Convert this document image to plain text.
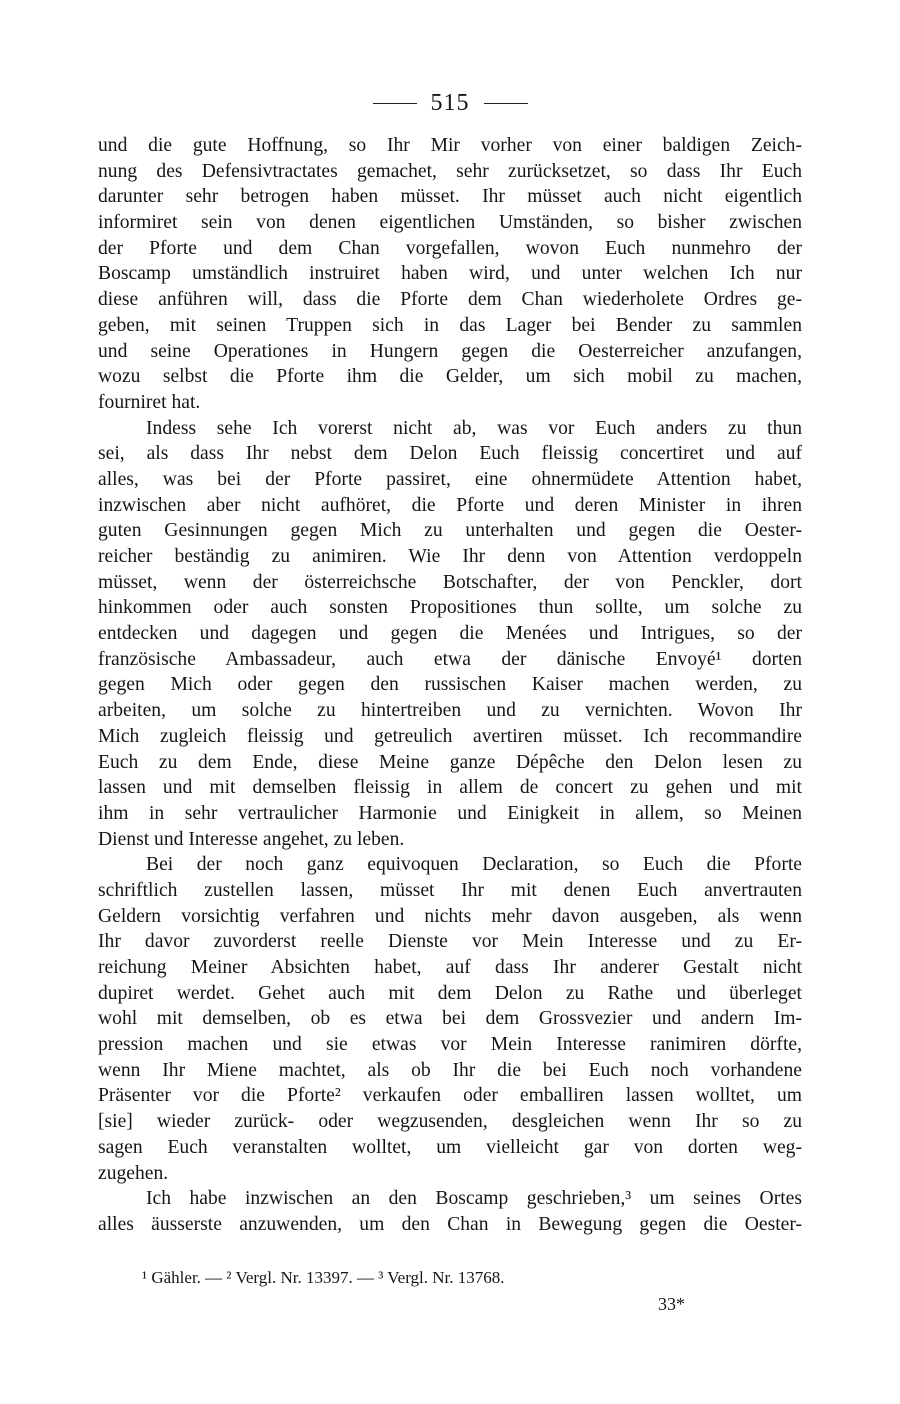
515
und die gute Hoffnung, so Ihr Mir vorher von einer baldigen Zeich-
nung des Defensivtractates gemachet, sehr zurücksetzet, so dass Ihr Euch
darunter sehr betrogen haben müsset. Ihr müsset auch nicht eigentlich
informiret sein von denen eigentlichen Umständen, so bisher zwischen
der Pforte und dem Chan vorgefallen, wovon Euch nunmehro der
Boscamp umständlich instruiret haben wird, und unter welchen Ich nur
diese anführen will, dass die Pforte dem Chan wiederholete Ordres ge-
geben, mit seinen Truppen sich in das Lager bei Bender zu sammlen
und seine Operationes in Hungern gegen die Oesterreicher anzufangen,
wozu selbst die Pforte ihm die Gelder, um sich mobil zu machen,
fourniret hat.
Indess sehe Ich vorerst nicht ab, was vor Euch anders zu thun
sei, als dass Ihr nebst dem Delon Euch fleissig concertiret und auf
alles, was bei der Pforte passiret, eine ohnermüdete Attention habet,
inzwischen aber nicht aufhöret, die Pforte und deren Minister in ihren
guten Gesinnungen gegen Mich zu unterhalten und gegen die Oester-
reicher beständig zu animiren. Wie Ihr denn von Attention verdoppeln
müsset, wenn der österreichsche Botschafter, der von Penckler, dort
hinkommen oder auch sonsten Propositiones thun sollte, um solche zu
entdecken und dagegen und gegen die Menées und Intrigues, so der
französische Ambassadeur, auch etwa der dänische Envoyé¹ dorten
gegen Mich oder gegen den russischen Kaiser machen werden, zu
arbeiten, um solche zu hintertreiben und zu vernichten. Wovon Ihr
Mich zugleich fleissig und getreulich avertiren müsset. Ich recommandire
Euch zu dem Ende, diese Meine ganze Dépêche den Delon lesen zu
lassen und mit demselben fleissig in allem de concert zu gehen und mit
ihm in sehr vertraulicher Harmonie und Einigkeit in allem, so Meinen
Dienst und Interesse angehet, zu leben.
Bei der noch ganz equivoquen Declaration, so Euch die Pforte
schriftlich zustellen lassen, müsset Ihr mit denen Euch anvertrauten
Geldern vorsichtig verfahren und nichts mehr davon ausgeben, als wenn
Ihr davor zuvorderst reelle Dienste vor Mein Interesse und zu Er-
reichung Meiner Absichten habet, auf dass Ihr anderer Gestalt nicht
dupiret werdet. Gehet auch mit dem Delon zu Rathe und überleget
wohl mit demselben, ob es etwa bei dem Grossvezier und andern Im-
pression machen und sie etwas vor Mein Interesse ranimiren dörfte,
wenn Ihr Miene machtet, als ob Ihr die bei Euch noch vorhandene
Präsenter vor die Pforte² verkaufen oder emballiren lassen wolltet, um
[sie] wieder zurück- oder wegzusenden, desgleichen wenn Ihr so zu
sagen Euch veranstalten wolltet, um vielleicht gar von dorten weg-
zugehen.
Ich habe inzwischen an den Boscamp geschrieben,³ um seines Ortes
alles äusserste anzuwenden, um den Chan in Bewegung gegen die Oester-
¹ Gähler. — ² Vergl. Nr. 13397. — ³ Vergl. Nr. 13768.
33*
